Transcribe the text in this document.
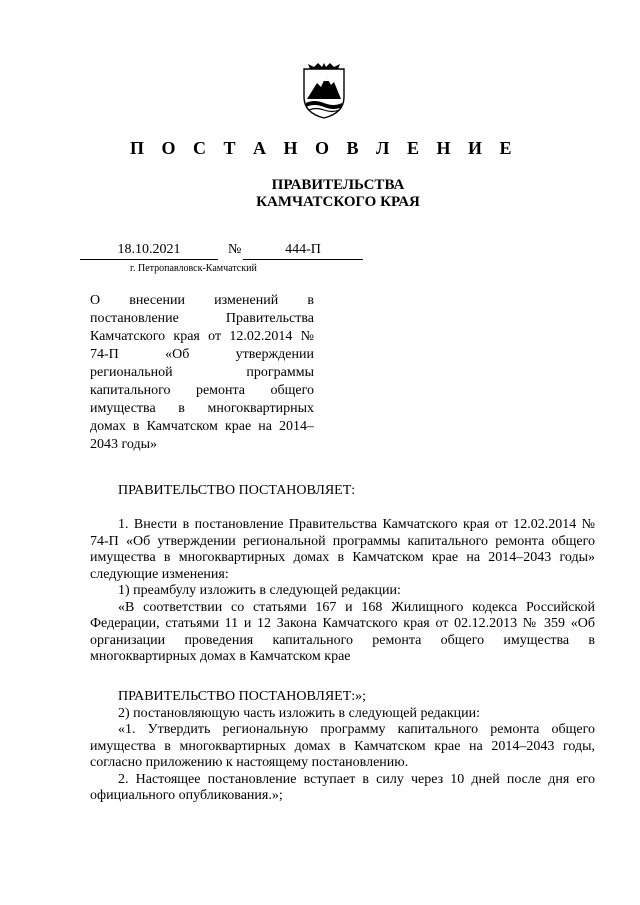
П О С Т А Н О В Л Е Н И Е
ПРАВИТЕЛЬСТВА
КАМЧАТСКОГО КРАЯ
18.10.2021	№	444-П
г. Петропавловск-Камчатский
О внесении изменений в постановление Правительства Камчатского края от 12.02.2014 № 74-П «Об утверждении региональной программы капитального ремонта общего имущества в многоквартирных домах в Камчатском крае на 2014–2043 годы»

ПРАВИТЕЛЬСТВО ПОСТАНОВЛЯЕТ:

1. Внести в постановление Правительства Камчатского края от 12.02.2014 № 74-П «Об утверждении региональной программы капитального ремонта общего имущества в многоквартирных домах в Камчатском крае на 2014–2043 годы» следующие изменения:

1) преамбулу изложить в следующей редакции:

«В соответствии со статьями 167 и 168 Жилищного кодекса Российской Федерации, статьями 11 и 12 Закона Камчатского края от 02.12.2013 № 359 «Об организации проведения капитального ремонта общего имущества в многоквартирных домах в Камчатском крае

ПРАВИТЕЛЬСТВО ПОСТАНОВЛЯЕТ:»;

2) постановляющую часть изложить в следующей редакции:

«1. Утвердить региональную программу капитального ремонта общего имущества в многоквартирных домах в Камчатском крае на 2014–2043 годы, согласно приложению к настоящему постановлению.

2. Настоящее постановление вступает в силу через 10 дней после дня его официального опубликования.»;
